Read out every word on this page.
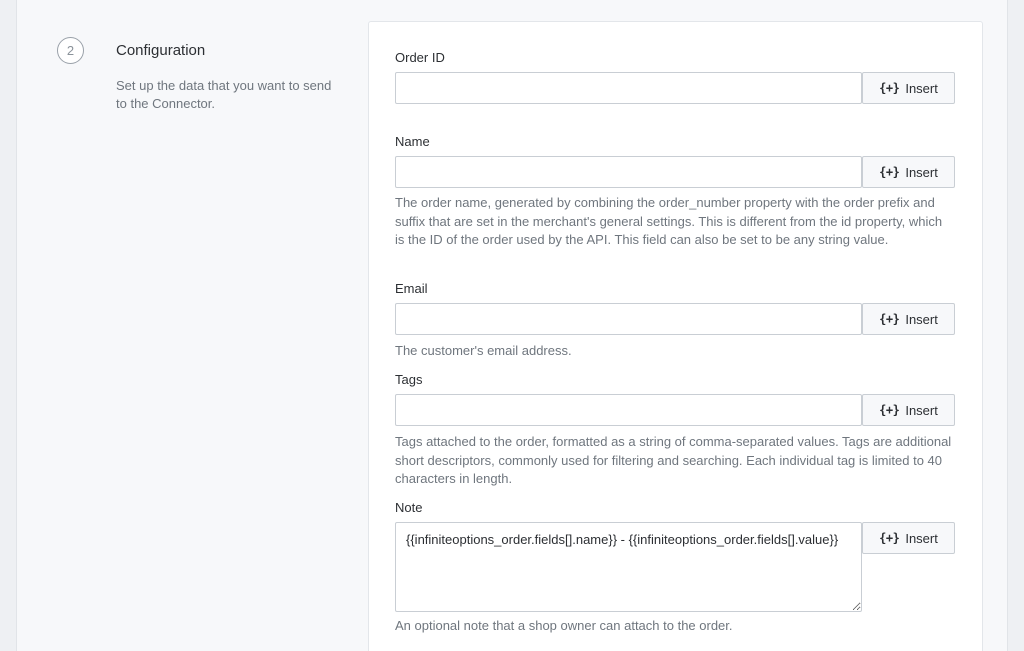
2	Configuration
Set up the data that you want to send to the Connector.
Order ID
{+} Insert
Name
{+} Insert
The order name, generated by combining the order_number property with the order prefix and suffix that are set in the merchant's general settings. This is different from the id property, which is the ID of the order used by the API. This field can also be set to be any string value.
Email
{+} Insert
The customer's email address.
Tags
{+} Insert
Tags attached to the order, formatted as a string of comma-separated values. Tags are additional short descriptors, commonly used for filtering and searching. Each individual tag is limited to 40 characters in length.
Note
{{infiniteoptions_order.fields[].name}} - {{infiniteoptions_order.fields[].value}}
{+} Insert
An optional note that a shop owner can attach to the order.
